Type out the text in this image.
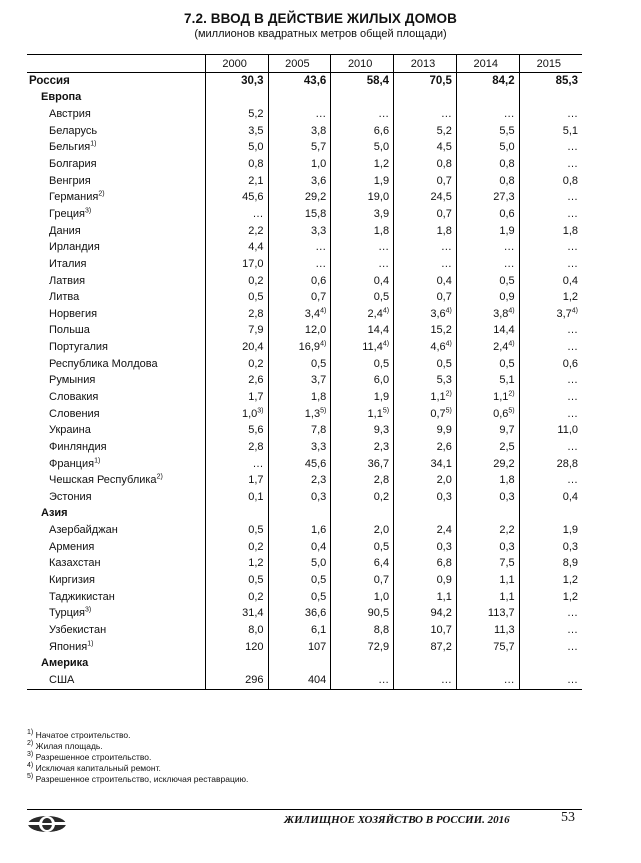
7.2. ВВОД В ДЕЙСТВИЕ ЖИЛЫХ ДОМОВ
(миллионов квадратных метров общей площади)
	2000	2005	2010	2013	2014	2015
Россия	30,3	43,6	58,4	70,5	84,2	85,3
Европа						
Австрия	5,2	…	…	…	…	…
Беларусь	3,5	3,8	6,6	5,2	5,5	5,1
Бельгия$^{1)}$	5,0	5,7	5,0	4,5	5,0	…
Болгария	0,8	1,0	1,2	0,8	0,8	…
Венгрия	2,1	3,6	1,9	0,7	0,8	0,8
Германия$^{2)}$	45,6	29,2	19,0	24,5	27,3	…
Греция$^{3)}$	…	15,8	3,9	0,7	0,6	…
Дания	2,2	3,3	1,8	1,8	1,9	1,8
Ирландия	4,4	…	…	…	…	…
Италия	17,0	…	…	…	…	…
Латвия	0,2	0,6	0,4	0,4	0,5	0,4
Литва	0,5	0,7	0,5	0,7	0,9	1,2
Норвегия	2,8	3,4$^{4)}$	2,4$^{4)}$	3,6$^{4)}$	3,8$^{4)}$	3,7$^{4)}$
Польша	7,9	12,0	14,4	15,2	14,4	…
Португалия	20,4	16,9$^{4)}$	11,4$^{4)}$	4,6$^{4)}$	2,4$^{4)}$	…
Республика Молдова	0,2	0,5	0,5	0,5	0,5	0,6
Румыния	2,6	3,7	6,0	5,3	5,1	…
Словакия	1,7	1,8	1,9	1,1$^{2)}$	1,1$^{2)}$	…
Словения	1,0$^{3)}$	1,3$^{5)}$	1,1$^{5)}$	0,7$^{5)}$	0,6$^{5)}$	…
Украина	5,6	7,8	9,3	9,9	9,7	11,0
Финляндия	2,8	3,3	2,3	2,6	2,5	…
Франция$^{1)}$	…	45,6	36,7	34,1	29,2	28,8
Чешская Республика$^{2)}$	1,7	2,3	2,8	2,0	1,8	…
Эстония	0,1	0,3	0,2	0,3	0,3	0,4
Азия						
Азербайджан	0,5	1,6	2,0	2,4	2,2	1,9
Армения	0,2	0,4	0,5	0,3	0,3	0,3
Казахстан	1,2	5,0	6,4	6,8	7,5	8,9
Киргизия	0,5	0,5	0,7	0,9	1,1	1,2
Таджикистан	0,2	0,5	1,0	1,1	1,1	1,2
Турция$^{3)}$	31,4	36,6	90,5	94,2	113,7	…
Узбекистан	8,0	6,1	8,8	10,7	11,3	…
Япония$^{1)}$	120	107	72,9	87,2	75,7	…
Америка						
США	296	404	…	…	…	…
$^{1)}$ Начатое строительство.
$^{2)}$ Жилая площадь.
$^{3)}$ Разрешенное строительство.
$^{4)}$ Исключая капитальный ремонт.
$^{5)}$ Разрешенное строительство, исключая реставрацию.
ЖИЛИЩНОЕ ХОЗЯЙСТВО В РОССИИ. 2016	53
